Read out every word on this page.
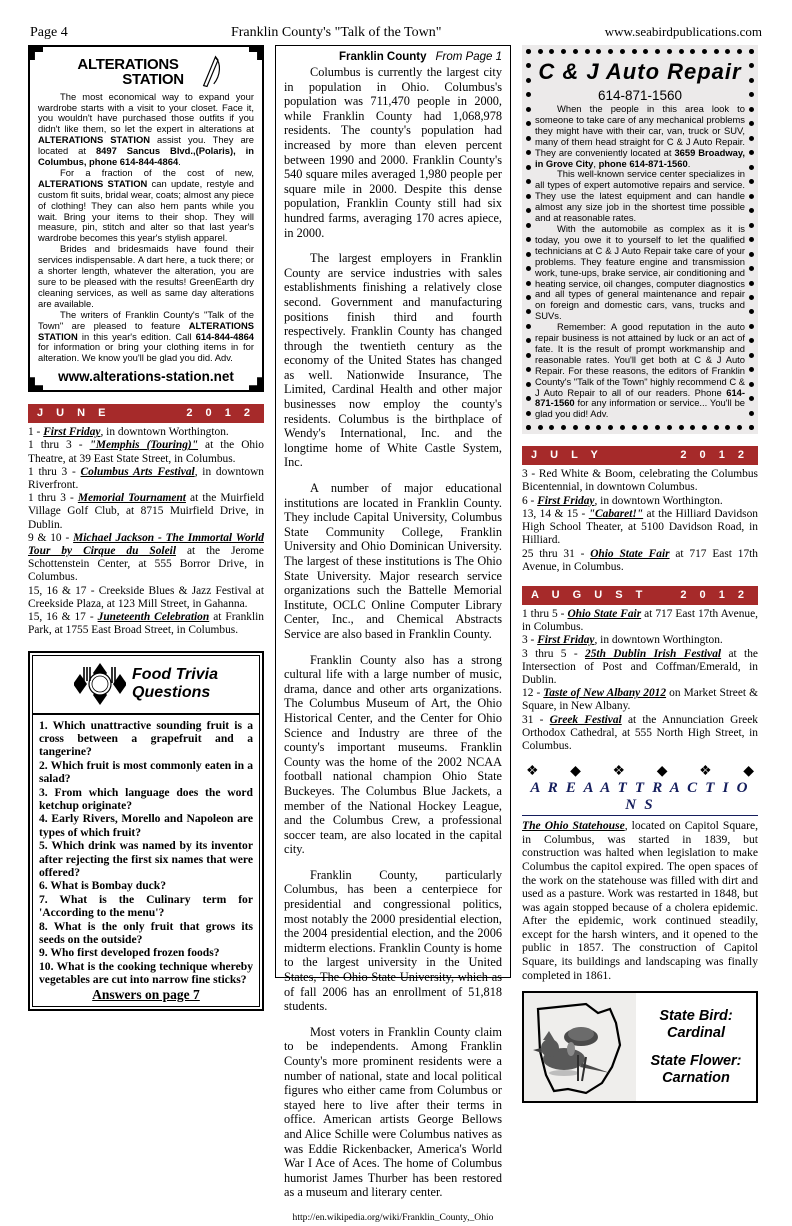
Page 4	Franklin County's "Talk of the Town"	www.seabirdpublications.com
ALTERATIONS
STATION

The most economical way to expand your wardrobe starts with a visit to your closet. Face it, you wouldn't have purchased those outfits if you didn't like them, so let the expert in alterations at ALTERATIONS STATION assist you. They are located at 8497 Sancus Blvd.,(Polaris), in Columbus, phone 614-844-4864.

For a fraction of the cost of new, ALTERATIONS STATION can update, restyle and custom fit suits, bridal wear, coats; almost any piece of clothing! They can also hem pants while you wait. Bring your items to their shop. They will measure, pin, stitch and alter so that last year's wardrobe becomes this year's stylish apparel.

Brides and bridesmaids have found their services indispensable. A dart here, a tuck there; or a shorter length, whatever the alteration, you are sure to be pleased with the results! GreenEarth dry cleaning services, as well as same day alterations are available.

The writers of Franklin County's "Talk of the Town" are pleased to feature ALTERATIONS STATION in this year's edition. Call 614-844-4864 for information or bring your clothing items in for alteration. We know you'll be glad you did. Adv.

www.alterations-station.net
J U N E	2 0 1 2

1 - First Friday, in downtown Worthington.

1 thru 3 - "Memphis (Touring)" at the Ohio Theatre, at 39 East State Street, in Columbus.

1 thru 3 - Columbus Arts Festival, in downtown Riverfront.

1 thru 3 - Memorial Tournament at the Muirfield Village Golf Club, at 8715 Muirfield Drive, in Dublin.

9 & 10 - Michael Jackson - The Immortal World Tour by Cirque du Soleil at the Jerome Schottenstein Center, at 555 Borror Drive, in Columbus.

15, 16 & 17 - Creekside Blues & Jazz Festival at Creekside Plaza, at 123 Mill Street, in Gahanna.

15, 16 & 17 - Juneteenth Celebration at Franklin Park, at 1755 East Broad Street, in Columbus.

Food Trivia
Questions

1. Which unattractive sounding fruit is a cross between a grapefruit and a tangerine?

2. Which fruit is most commonly eaten in a salad?

3. From which language does the word ketchup originate?

4. Early Rivers, Morello and Napoleon are types of which fruit?

5. Which drink was named by its inventor after rejecting the first six names that were offered?

6. What is Bombay duck?

7. What is the Culinary term for 'According to the menu'?

8. What is the only fruit that grows its seeds on the outside?

9. Who first developed frozen foods?

10. What is the cooking technique whereby vegetables are cut into narrow fine sticks?

Answers on page 7
Franklin County From Page 1

Columbus is currently the largest city in population in Ohio. Columbus's population was 711,470 people in 2000, while Franklin County had 1,068,978 residents. The county's population had increased by more than eleven percent between 1990 and 2000. Franklin County's 540 square miles averaged 1,980 people per square mile in 2000. Despite this dense population, Franklin County still had six hundred farms, averaging 170 acres apiece, in 2000.

The largest employers in Franklin County are service industries with sales establishments finishing a relatively close second. Government and manufacturing positions finish third and fourth respectively. Franklin County has changed through the twentieth century as the economy of the United States has changed as well. Nationwide Insurance, The Limited, Cardinal Health and other major businesses now employ the county's residents. Columbus is the birthplace of Wendy's International, Inc. and the longtime home of White Castle System, Inc.

A number of major educational institutions are located in Franklin County. They include Capital University, Columbus State Community College, Franklin University and Ohio Dominican University. The largest of these institutions is The Ohio State University. Major research service organizations such the Battelle Memorial Institute, OCLC Online Computer Library Center, Inc., and Chemical Abstracts Service are also based in Franklin County.

Franklin County also has a strong cultural life with a large number of music, drama, dance and other arts organizations. The Columbus Museum of Art, the Ohio Historical Center, and the Center for Ohio Science and Industry are three of the county's important museums. Franklin County was the home of the 2002 NCAA football national champion Ohio State Buckeyes. The Columbus Blue Jackets, a member of the National Hockey League, and the Columbus Crew, a professional soccer team, are also located in the capital city.

Franklin County, particularly Columbus, has been a centerpiece for presidential and congressional politics, most notably the 2000 presidential election, the 2004 presidential election, and the 2006 midterm elections. Franklin County is home to the largest university in the United States, The Ohio State University, which as of fall 2006 has an enrollment of 51,818 students.

Most voters in Franklin County claim to be independents. Among Franklin County's more prominent residents were a number of national, state and local political figures who either came from Columbus or stayed here to live after their terms in office. American artists George Bellows and Alice Schille were Columbus natives as was Eddie Rickenbacker, America's World War I Ace of Aces. The home of Columbus humorist James Thurber has been restored as a museum and literary center.

http://en.wikipedia.org/wiki/Franklin_County,_Ohio

C & J Auto Repair
614-871-1560

When the people in this area look to someone to take care of any mechanical problems they might have with their car, van, truck or SUV, many of them head straight for C & J Auto Repair. They are conveniently located at 3659 Broadway, in Grove City, phone 614-871-1560.

This well-known service center specializes in all types of expert automotive repairs and service. They use the latest equipment and can handle almost any size job in the shortest time possible and at reasonable rates.

With the automobile as complex as it is today, you owe it to yourself to let the qualified technicians at C & J Auto Repair take care of your problems. They feature engine and transmission work, tune-ups, brake service, air conditioning and heating service, oil changes, computer diagnostics and all types of general maintenance and repair on foreign and domestic cars, vans, trucks and SUVs.

Remember: A good reputation in the auto repair business is not attained by luck or an act of fate. It is the result of prompt workmanship and reasonable rates. You'll get both at C & J Auto Repair. For these reasons, the editors of Franklin County's "Talk of the Town" highly recommend C & J Auto Repair to all of our readers. Phone 614-871-1560 for any information or service... You'll be glad you did! Adv.

J U L Y	2 0 1 2

3 - Red White & Boom, celebrating the Columbus Bicentennial, in downtown Columbus.

6 - First Friday, in downtown Worthington.

13, 14 & 15 - "Cabaret!" at the Hilliard Davidson High School Theater, at 5100 Davidson Road, in Hilliard.

25 thru 31 - Ohio State Fair at 717 East 17th Avenue, in Columbus.

A U G U S T	2 0 1 2

1 thru 5 - Ohio State Fair at 717 East 17th Avenue, in Columbus.

3 - First Friday, in downtown Worthington.

3 thru 5 - 25th Dublin Irish Festival at the Intersection of Post and Coffman/Emerald, in Dublin.

12 - Taste of New Albany 2012 on Market Street & Square, in New Albany.

31 - Greek Festival at the Annunciation Greek Orthodox Cathedral, at 555 North High Street, in Columbus.

❖ ◆ ❖ ◆ ❖ ◆
A R E A A T T R A C T I O N S
The Ohio Statehouse, located on Capitol Square, in Columbus, was started in 1839, but construction was halted when legislation to make Columbus the capitol expired. The open spaces of the work on the statehouse was filled with dirt and used as a pasture. Work was restarted in 1848, but was again stopped because of a cholera epidemic. After the epidemic, work continued steadily, except for the harsh winters, and it opened to the public in 1857. The construction of Capitol Square, its buildings and landscaping was finally completed in 1861.
State Bird:
Cardinal
State Flower:
Carnation
